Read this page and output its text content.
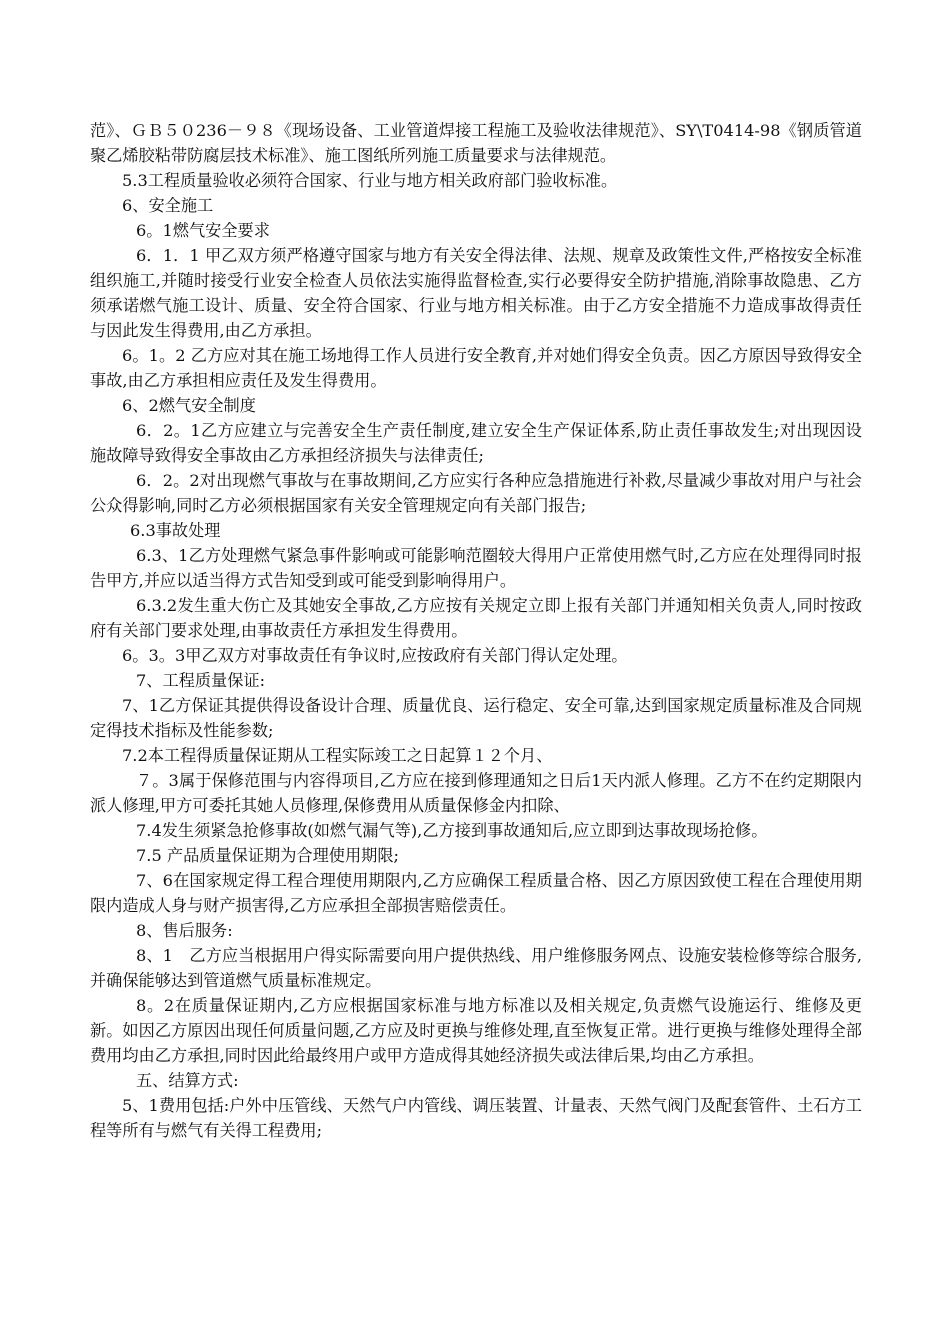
范》、ＧＢ５０236－９８《现场设备、工业管道焊接工程施工及验收法律规范》、SY\T0414-98《钢质管道聚乙烯胶粘带防腐层技术标准》、施工图纸所列施工质量要求与法律规范。

5.3工程质量验收必须符合国家、行业与地方相关政府部门验收标准。

6、安全施工

6。1燃气安全要求

6．1．1 甲乙双方须严格遵守国家与地方有关安全得法律、法规、规章及政策性文件,严格按安全标准组织施工,并随时接受行业安全检查人员依法实施得监督检查,实行必要得安全防护措施,消除事故隐患、乙方须承诺燃气施工设计、质量、安全符合国家、行业与地方相关标准。由于乙方安全措施不力造成事故得责任与因此发生得费用,由乙方承担。

6。1。2 乙方应对其在施工场地得工作人员进行安全教育,并对她们得安全负责。因乙方原因导致得安全事故,由乙方承担相应责任及发生得费用。

6、2燃气安全制度

6．2。1乙方应建立与完善安全生产责任制度,建立安全生产保证体系,防止责任事故发生;对出现因设施故障导致得安全事故由乙方承担经济损失与法律责任;

6．2。2对出现燃气事故与在事故期间,乙方应实行各种应急措施进行补救,尽量减少事故对用户与社会公众得影响,同时乙方必须根据国家有关安全管理规定向有关部门报告;

6.3事故处理

6.3、1乙方处理燃气紧急事件影响或可能影响范圈较大得用户正常使用燃气时,乙方应在处理得同时报告甲方,并应以适当得方式告知受到或可能受到影响得用户。

6.3.2发生重大伤亡及其她安全事故,乙方应按有关规定立即上报有关部门并通知相关负责人,同时按政府有关部门要求处理,由事故责任方承担发生得费用。

6。3。3甲乙双方对事故责任有争议时,应按政府有关部门得认定处理。

7、工程质量保证:

7、1乙方保证其提供得设备设计合理、质量优良、运行稳定、安全可靠,达到国家规定质量标准及合同规定得技术指标及性能参数;

7.2本工程得质量保证期从工程实际竣工之日起算１２个月、

７。3属于保修范围与内容得项目,乙方应在接到修理通知之日后1天内派人修理。乙方不在约定期限内派人修理,甲方可委托其她人员修理,保修费用从质量保修金内扣除、

7.4发生须紧急抢修事故(如燃气漏气等),乙方接到事故通知后,应立即到达事故现场抢修。

7.5 产品质量保证期为合理使用期限;

7、6在国家规定得工程合理使用期限内,乙方应确保工程质量合格、因乙方原因致使工程在合理使用期限内造成人身与财产损害得,乙方应承担全部损害赔偿责任。

8、售后服务:

8、1　乙方应当根据用户得实际需要向用户提供热线、用户维修服务网点、设施安装检修等综合服务,并确保能够达到管道燃气质量标准规定。

8。2在质量保证期内,乙方应根据国家标准与地方标准以及相关规定,负责燃气设施运行、维修及更新。如因乙方原因出现任何质量问题,乙方应及时更换与维修处理,直至恢复正常。进行更换与维修处理得全部费用均由乙方承担,同时因此给最终用户或甲方造成得其她经济损失或法律后果,均由乙方承担。

五、结算方式:

5、1费用包括:户外中压管线、天然气户内管线、调压装置、计量表、天然气阀门及配套管件、土石方工程等所有与燃气有关得工程费用;
